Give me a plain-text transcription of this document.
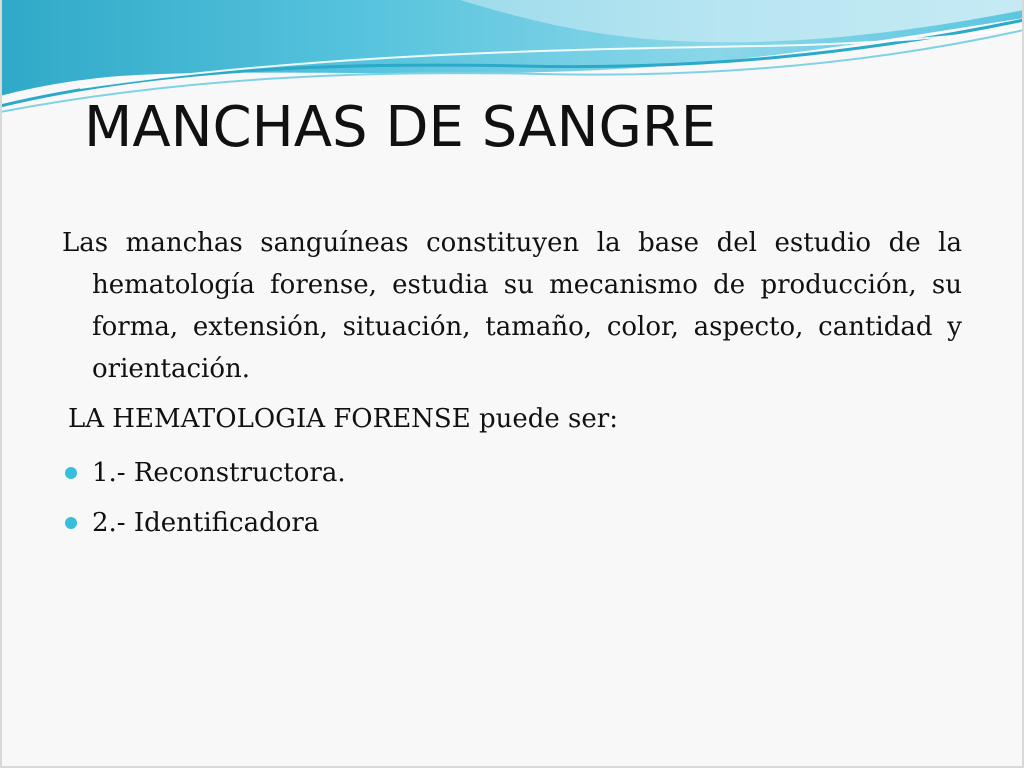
MANCHAS DE SANGRE

Las manchas sanguíneas constituyen la base del estudio de la hematología forense, estudia su mecanismo de producción, su forma, extensión, situación, tamaño, color, aspecto, cantidad y orientación.

LA HEMATOLOGIA FORENSE puede ser:

1.- Reconstructora.
2.- Identificadora
